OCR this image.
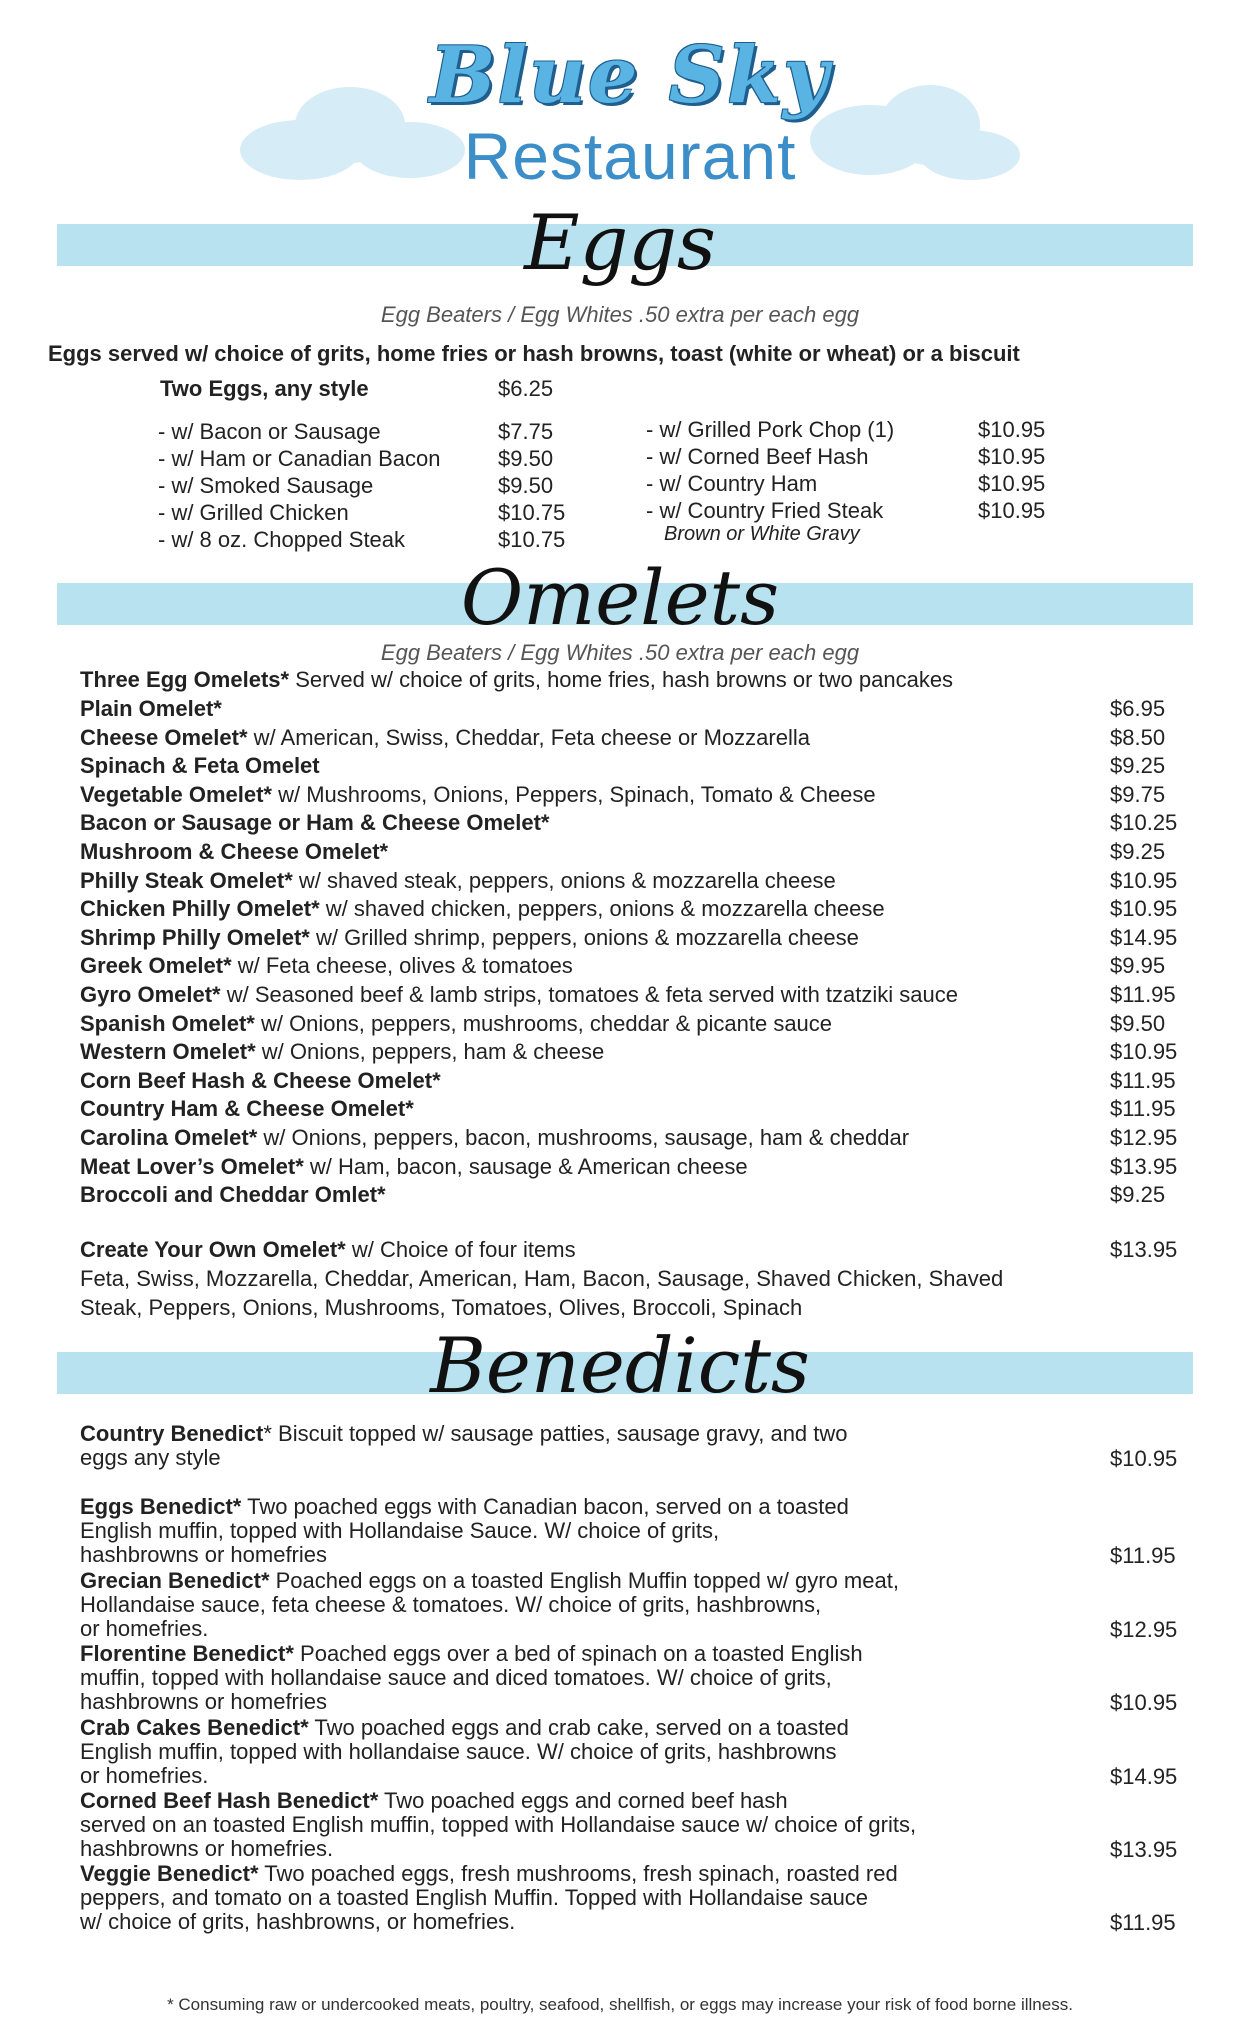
Blue Sky
Restaurant
Eggs
Egg Beaters / Egg Whites .50 extra per each egg
Eggs served w/ choice of grits, home fries or hash browns, toast (white or wheat) or a biscuit
Two Eggs, any style	$6.25
Brown or White Gravy
Omelets
Egg Beaters / Egg Whites .50 extra per each egg
Three Egg Omelets* Served w/ choice of grits, home fries, hash browns or two pancakes
Create Your Own Omelet* w/ Choice of four items	$13.95
Feta, Swiss, Mozzarella, Cheddar, American, Ham, Bacon, Sausage, Shaved Chicken, Shaved
Steak, Peppers, Onions, Mushrooms, Tomatoes, Olives, Broccoli, Spinach
Benedicts
* Consuming raw or undercooked meats, poultry, seafood, shellfish, or eggs may increase your risk of food borne illness.
- w/ Bacon or Sausage	$7.75
- w/ Ham or Canadian Bacon	$9.50
- w/ Smoked Sausage	$9.50
- w/ Grilled Chicken	$10.75
- w/ 8 oz. Chopped Steak	$10.75
- w/ Grilled Pork Chop (1)	$10.95
- w/ Corned Beef Hash	$10.95
- w/ Country Ham	$10.95
- w/ Country Fried Steak	$10.95
Plain Omelet*	$6.95
Cheese Omelet* w/ American, Swiss, Cheddar, Feta cheese or Mozzarella	$8.50
Spinach & Feta Omelet	$9.25
Vegetable Omelet* w/ Mushrooms, Onions, Peppers, Spinach, Tomato & Cheese	$9.75
Bacon or Sausage or Ham & Cheese Omelet*	$10.25
Mushroom & Cheese Omelet*	$9.25
Philly Steak Omelet* w/ shaved steak, peppers, onions & mozzarella cheese	$10.95
Chicken Philly Omelet* w/ shaved chicken, peppers, onions & mozzarella cheese	$10.95
Shrimp Philly Omelet* w/ Grilled shrimp, peppers, onions & mozzarella cheese	$14.95
Greek Omelet* w/ Feta cheese, olives & tomatoes	$9.95
Gyro Omelet* w/ Seasoned beef & lamb strips, tomatoes & feta served with tzatziki sauce	$11.95
Spanish Omelet* w/ Onions, peppers, mushrooms, cheddar & picante sauce	$9.50
Western Omelet* w/ Onions, peppers, ham & cheese	$10.95
Corn Beef Hash & Cheese Omelet*	$11.95
Country Ham & Cheese Omelet*	$11.95
Carolina Omelet* w/ Onions, peppers, bacon, mushrooms, sausage, ham & cheddar	$12.95
Meat Lover’s Omelet* w/ Ham, bacon, sausage & American cheese	$13.95
Broccoli and Cheddar Omlet*	$9.25
Country Benedict* Biscuit topped w/ sausage patties, sausage gravy, and two
eggs any style	$10.95
Eggs Benedict* Two poached eggs with Canadian bacon, served on a toasted
English muffin, topped with Hollandaise Sauce. W/ choice of grits,
hashbrowns or homefries	$11.95
Grecian Benedict* Poached eggs on a toasted English Muffin topped w/ gyro meat,
Hollandaise sauce, feta cheese & tomatoes. W/ choice of grits, hashbrowns,
or homefries.	$12.95
Florentine Benedict* Poached eggs over a bed of spinach on a toasted English
muffin, topped with hollandaise sauce and diced tomatoes. W/ choice of grits,
hashbrowns or homefries	$10.95
Crab Cakes Benedict* Two poached eggs and crab cake, served on a toasted
English muffin, topped with hollandaise sauce. W/ choice of grits, hashbrowns
or homefries.	$14.95
Corned Beef Hash Benedict* Two poached eggs and corned beef hash
served on an toasted English muffin, topped with Hollandaise sauce w/ choice of grits,
hashbrowns or homefries.	$13.95
Veggie Benedict* Two poached eggs, fresh mushrooms, fresh spinach, roasted red
peppers, and tomato on a toasted English Muffin. Topped with Hollandaise sauce
w/ choice of grits, hashbrowns, or homefries.	$11.95
